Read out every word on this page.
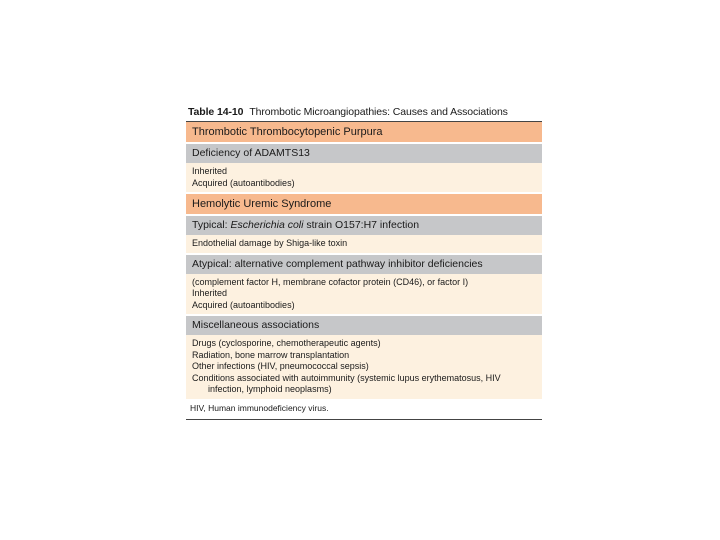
Table 14-10 Thrombotic Microangiopathies: Causes and Associations
Thrombotic Thrombocytopenic Purpura
Deficiency of ADAMTS13
Inherited
Acquired (autoantibodies)
Hemolytic Uremic Syndrome
Typical: Escherichia coli strain O157:H7 infection
Endothelial damage by Shiga-like toxin
Atypical: alternative complement pathway inhibitor deficiencies
(complement factor H, membrane cofactor protein (CD46), or factor I)
Inherited
Acquired (autoantibodies)
Miscellaneous associations
Drugs (cyclosporine, chemotherapeutic agents)
Radiation, bone marrow transplantation
Other infections (HIV, pneumococcal sepsis)
Conditions associated with autoimmunity (systemic lupus erythematosus, HIV
infection, lymphoid neoplasms)
HIV, Human immunodeficiency virus.
